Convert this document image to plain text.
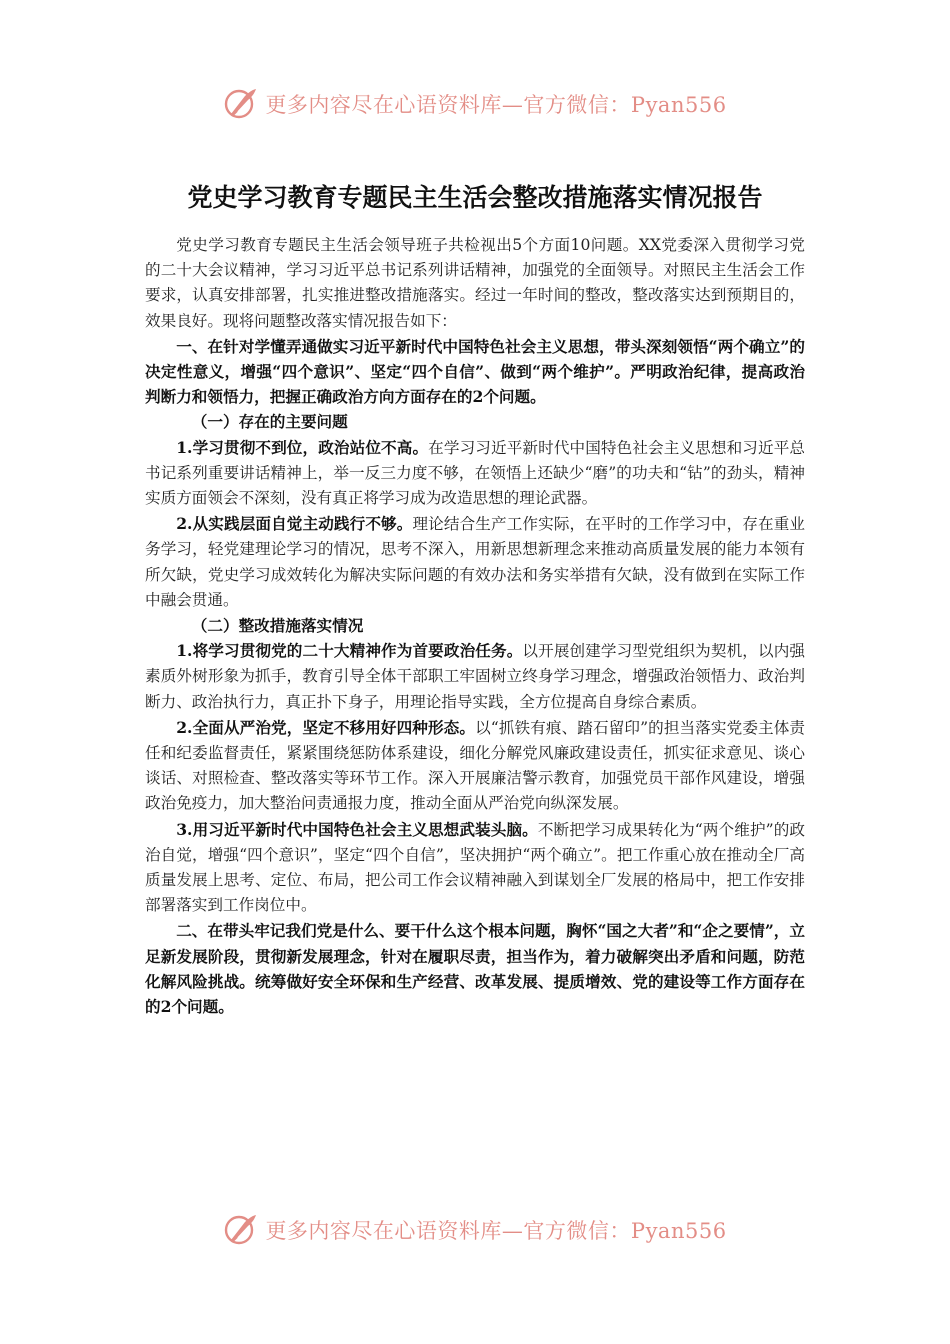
更多内容尽在心语资料库—官方微信：Pyan556
党史学习教育专题民主生活会整改措施落实情况报告

党史学习教育专题民主生活会领导班子共检视出5个方面10问题。XX党委深入贯彻学习党的二十大会议精神，学习习近平总书记系列讲话精神，加强党的全面领导。对照民主生活会工作要求，认真安排部署，扎实推进整改措施落实。经过一年时间的整改，整改落实达到预期目的，效果良好。现将问题整改落实情况报告如下：

一、在针对学懂弄通做实习近平新时代中国特色社会主义思想，带头深刻领悟“两个确立”的决定性意义，增强“四个意识”、坚定“四个自信”、做到“两个维护”。严明政治纪律，提高政治判断力和领悟力，把握正确政治方向方面存在的2个问题。

（一）存在的主要问题

1.学习贯彻不到位，政治站位不高。在学习习近平新时代中国特色社会主义思想和习近平总书记系列重要讲话精神上，举一反三力度不够，在领悟上还缺少“磨”的功夫和“钻”的劲头，精神实质方面领会不深刻，没有真正将学习成为改造思想的理论武器。

2.从实践层面自觉主动践行不够。理论结合生产工作实际，在平时的工作学习中，存在重业务学习，轻党建理论学习的情况，思考不深入，用新思想新理念来推动高质量发展的能力本领有所欠缺，党史学习成效转化为解决实际问题的有效办法和务实举措有欠缺，没有做到在实际工作中融会贯通。

（二）整改措施落实情况

1.将学习贯彻党的二十大精神作为首要政治任务。以开展创建学习型党组织为契机，以内强素质外树形象为抓手，教育引导全体干部职工牢固树立终身学习理念，增强政治领悟力、政治判断力、政治执行力，真正扑下身子，用理论指导实践，全方位提高自身综合素质。

2.全面从严治党，坚定不移用好四种形态。以“抓铁有痕、踏石留印”的担当落实党委主体责任和纪委监督责任，紧紧围绕惩防体系建设，细化分解党风廉政建设责任，抓实征求意见、谈心谈话、对照检查、整改落实等环节工作。深入开展廉洁警示教育，加强党员干部作风建设，增强政治免疫力，加大整治问责通报力度，推动全面从严治党向纵深发展。

3.用习近平新时代中国特色社会主义思想武装头脑。不断把学习成果转化为“两个维护”的政治自觉，增强“四个意识”，坚定“四个自信”，坚决拥护“两个确立”。把工作重心放在推动全厂高质量发展上思考、定位、布局，把公司工作会议精神融入到谋划全厂发展的格局中，把工作安排部署落实到工作岗位中。

二、在带头牢记我们党是什么、要干什么这个根本问题，胸怀“国之大者”和“企之要情”，立足新发展阶段，贯彻新发展理念，针对在履职尽责，担当作为，着力破解突出矛盾和问题，防范化解风险挑战。统筹做好安全环保和生产经营、改革发展、提质增效、党的建设等工作方面存在的2个问题。

更多内容尽在心语资料库—官方微信：Pyan556
